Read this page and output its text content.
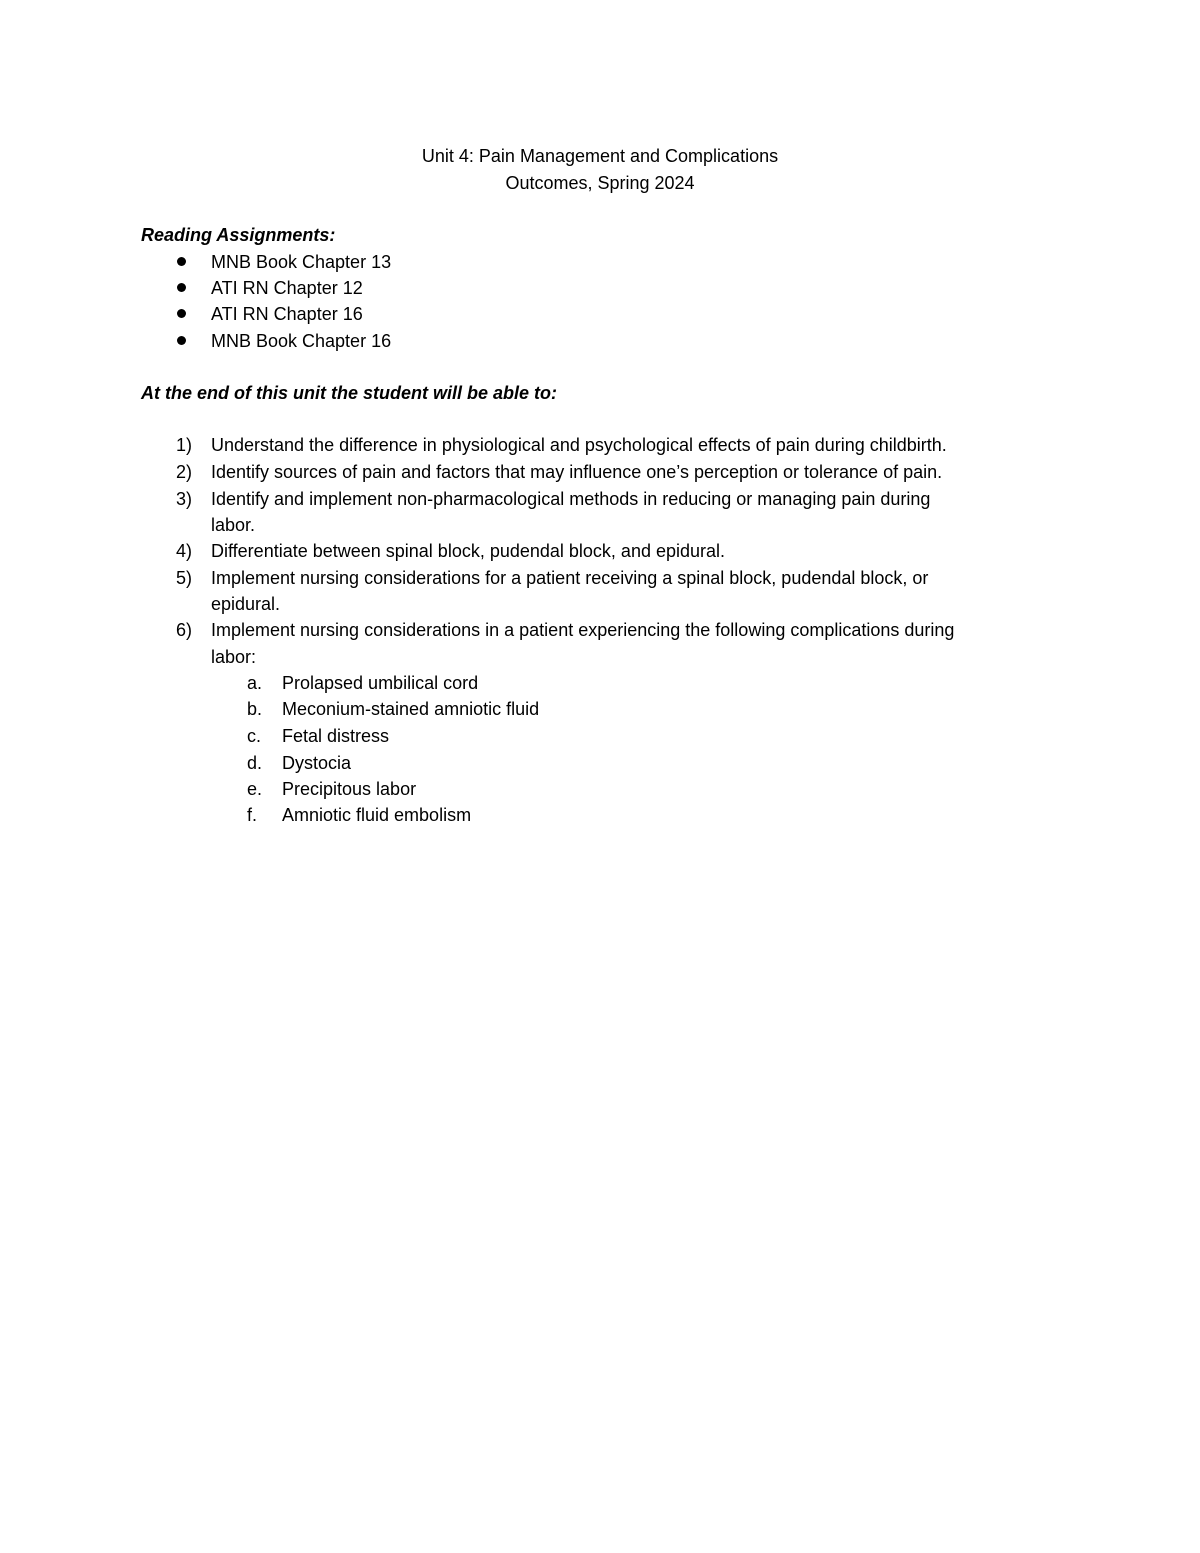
Unit 4: Pain Management and Complications
Outcomes, Spring 2024
Reading Assignments:
MNB Book Chapter 13
ATI RN Chapter 12
ATI RN Chapter 16
MNB Book Chapter 16
At the end of this unit the student will be able to:
1) Understand the difference in physiological and psychological effects of pain during childbirth.
2) Identify sources of pain and factors that may influence one’s perception or tolerance of pain.
3) Identify and implement non-pharmacological methods in reducing or managing pain during
labor.
4) Differentiate between spinal block, pudendal block, and epidural.
5) Implement nursing considerations for a patient receiving a spinal block, pudendal block, or
epidural.
6) Implement nursing considerations in a patient experiencing the following complications during
labor:
a. Prolapsed umbilical cord
b. Meconium-stained amniotic fluid
c. Fetal distress
d. Dystocia
e. Precipitous labor
f. Amniotic fluid embolism
